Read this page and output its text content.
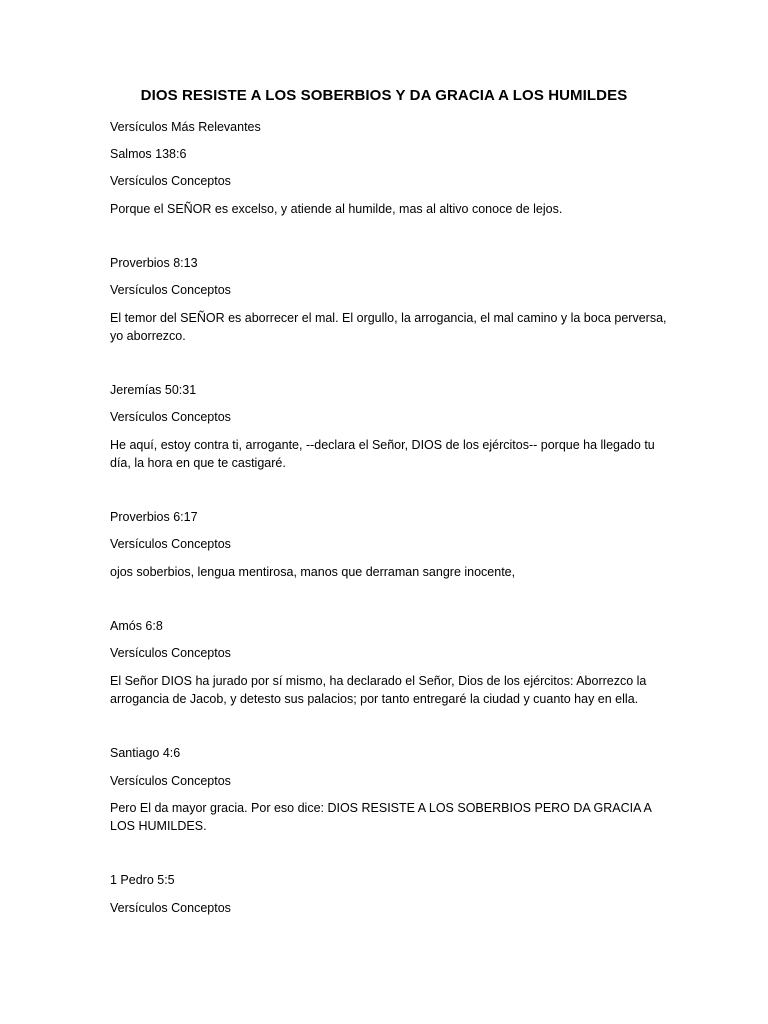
DIOS RESISTE A LOS SOBERBIOS Y DA GRACIA A LOS HUMILDES
Versículos Más Relevantes
Salmos 138:6
Versículos Conceptos
Porque el SEÑOR es excelso, y atiende al humilde, mas al altivo conoce de lejos.
Proverbios 8:13
Versículos Conceptos
El temor del SEÑOR es aborrecer el mal. El orgullo, la arrogancia, el mal camino y la boca perversa, yo aborrezco.
Jeremías 50:31
Versículos Conceptos
He aquí, estoy contra ti, arrogante, --declara el Señor, DIOS de los ejércitos-- porque ha llegado tu día, la hora en que te castigaré.
Proverbios 6:17
Versículos Conceptos
ojos soberbios, lengua mentirosa, manos que derraman sangre inocente,
Amós 6:8
Versículos Conceptos
El Señor DIOS ha jurado por sí mismo, ha declarado el Señor, Dios de los ejércitos: Aborrezco la arrogancia de Jacob, y detesto sus palacios; por tanto entregaré la ciudad y cuanto hay en ella.
Santiago 4:6
Versículos Conceptos
Pero El da mayor gracia. Por eso dice: DIOS RESISTE A LOS SOBERBIOS PERO DA GRACIA A LOS HUMILDES.
1 Pedro 5:5
Versículos Conceptos
